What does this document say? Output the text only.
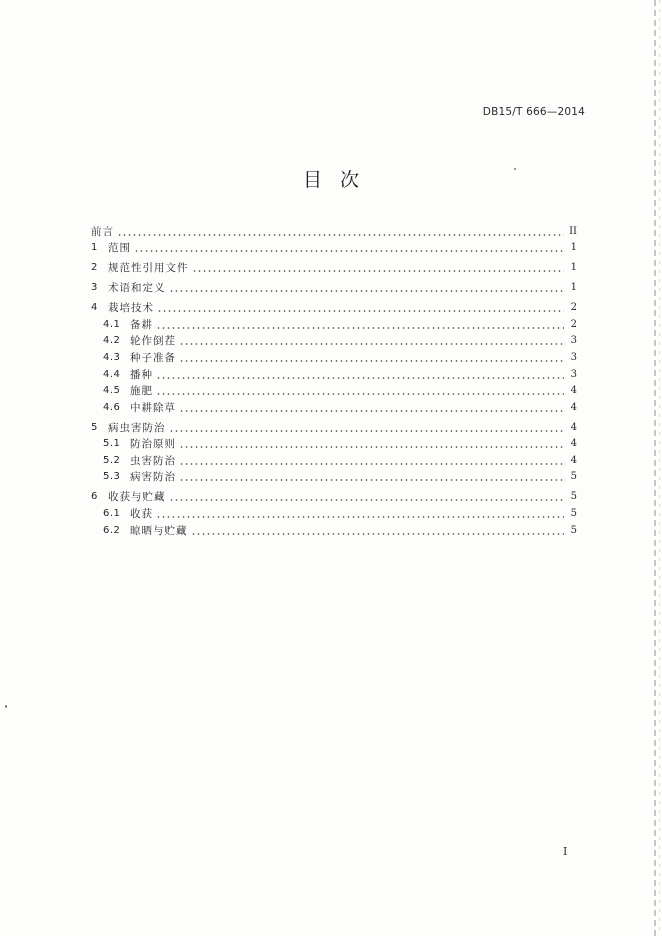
DB15/T 666—2014
目次
前言	II
1 范围	1
2 规范性引用文件	1
3 术语和定义	1
4 栽培技术	2
4.1 备耕	2
4.2 轮作倒茬	3
4.3 种子准备	3
4.4 播种	3
4.5 施肥	4
4.6 中耕除草	4
5 病虫害防治	4
5.1 防治原则	4
5.2 虫害防治	4
5.3 病害防治	5
6 收获与贮藏	5
6.1 收获	5
6.2 晾晒与贮藏	5
I
